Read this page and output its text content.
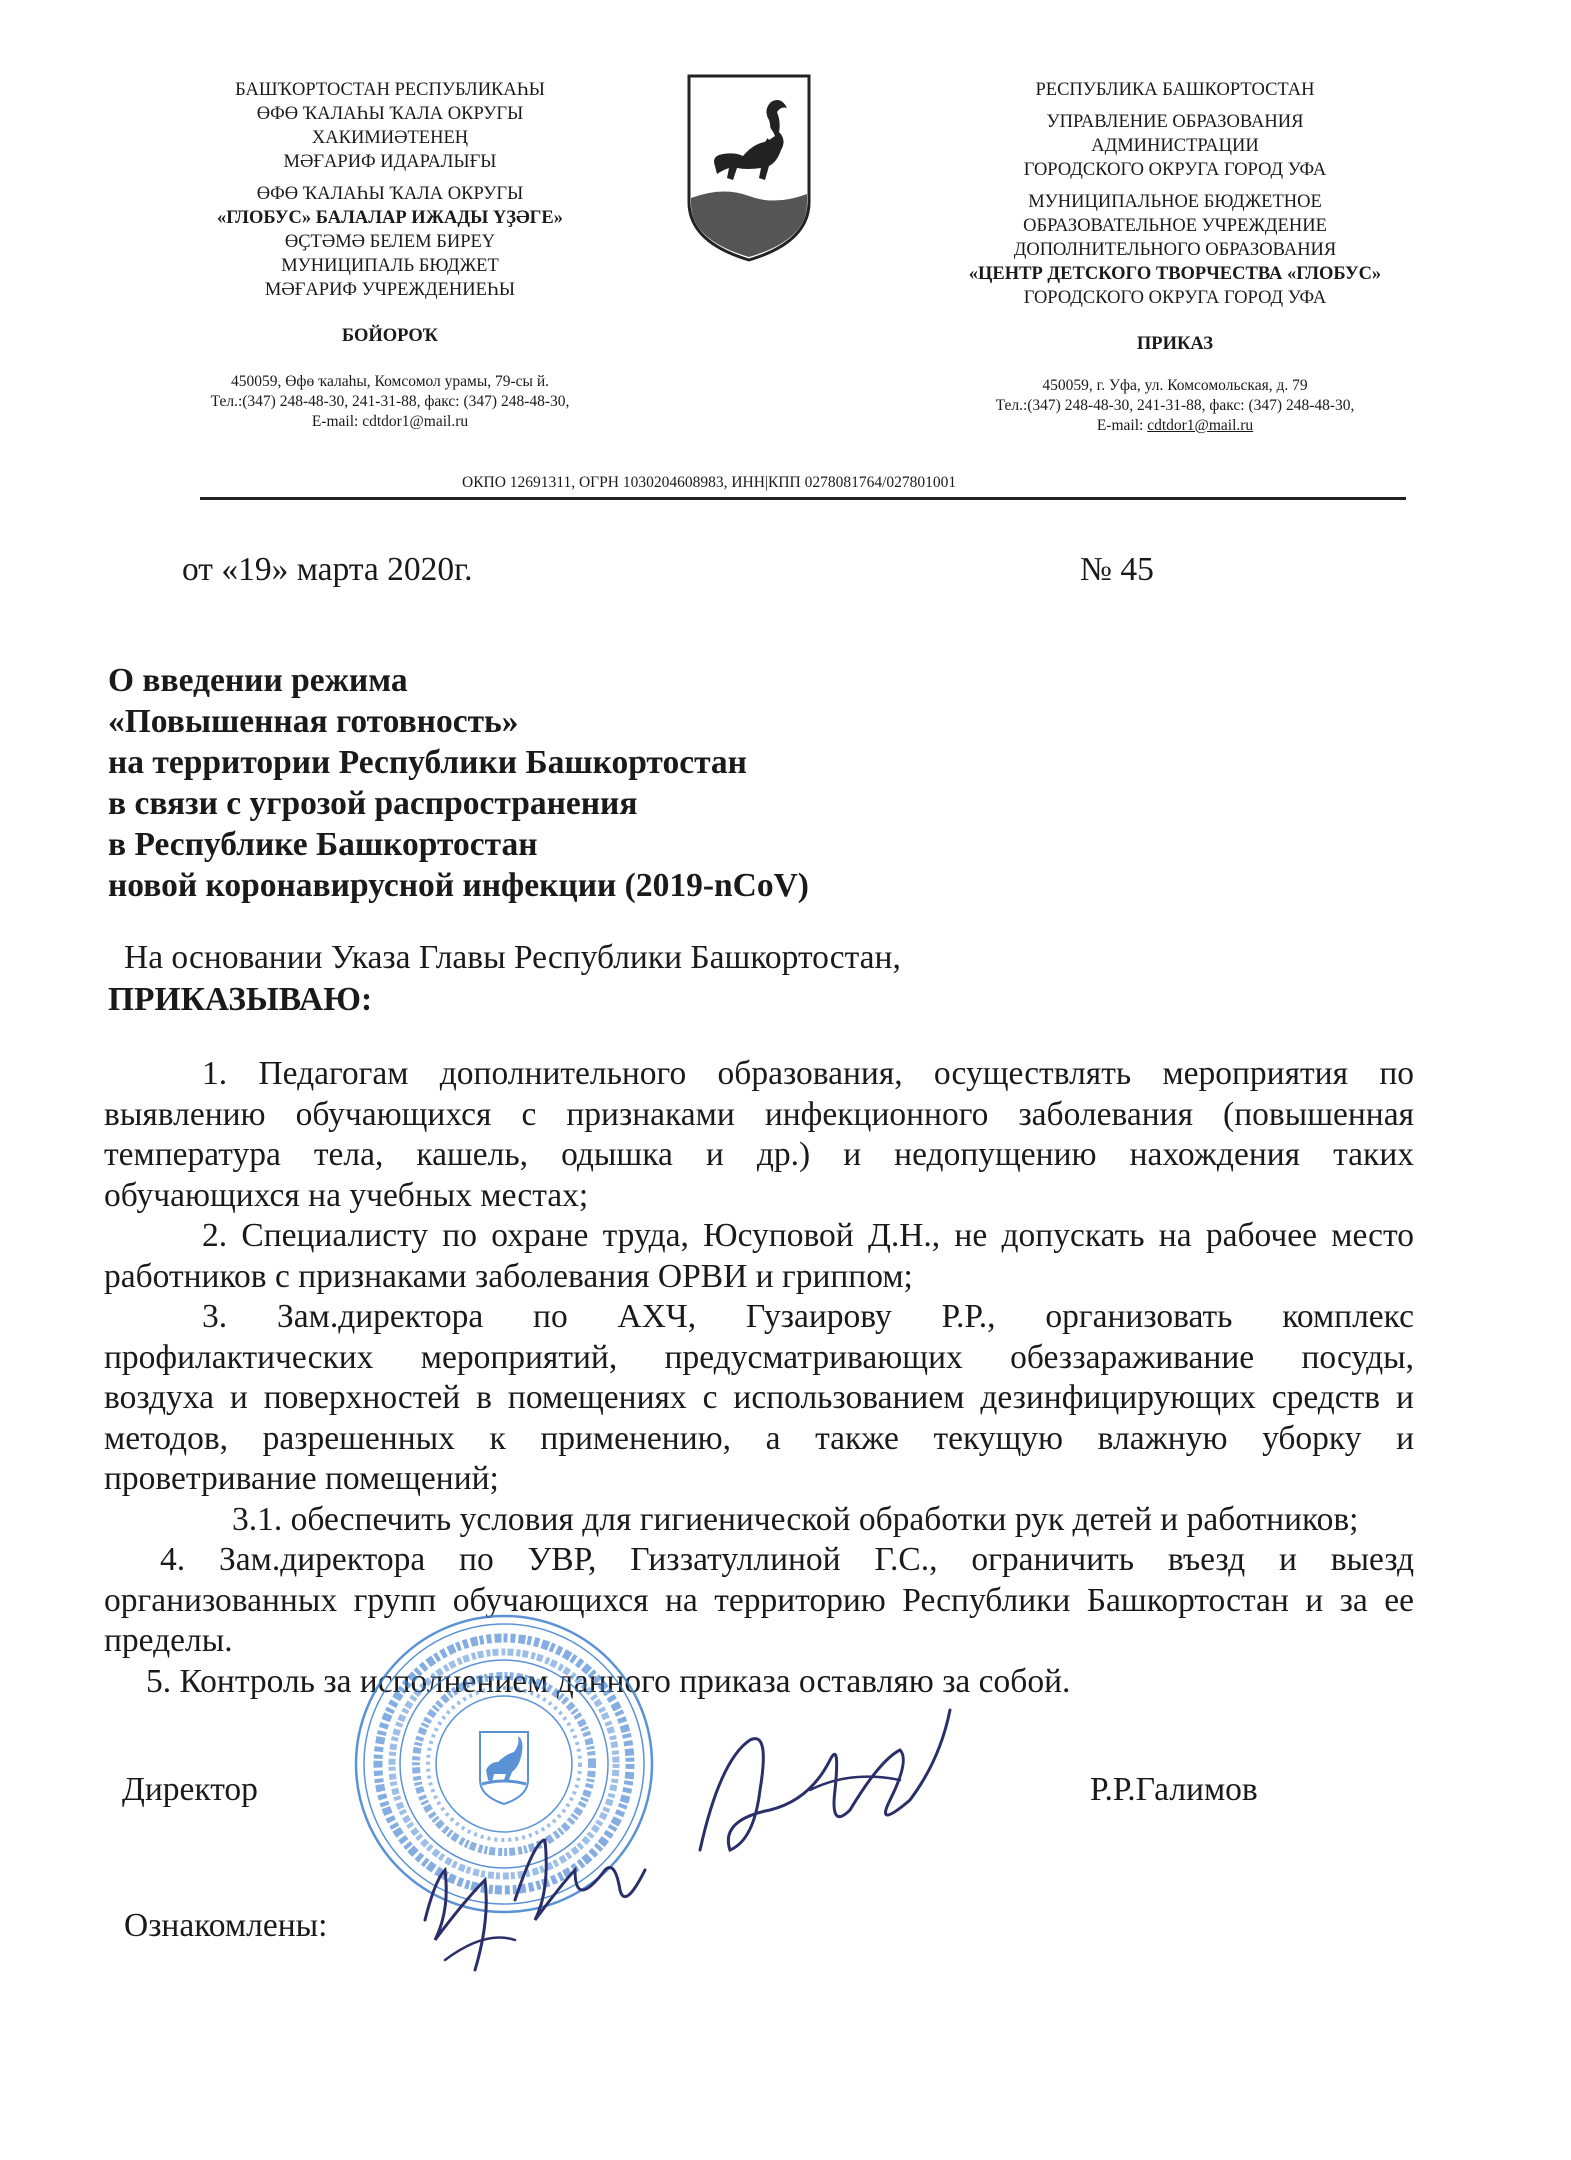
БАШҠОРТОСТАН РЕСПУБЛИКАҺЫ
ӨФӨ ҠАЛАҺЫ ҠАЛА ОКРУГЫ
ХАКИМИӘТЕНЕҢ
МӘҒАРИФ ИДАРАЛЫҒЫ
ӨФӨ ҠАЛАҺЫ ҠАЛА ОКРУГЫ
«ГЛОБУС» БАЛАЛАР ИЖАДЫ ҮҘӘГЕ»
ӨҪТӘМӘ БЕЛЕМ БИРЕҮ
МУНИЦИПАЛЬ БЮДЖЕТ
МӘҒАРИФ УЧРЕЖДЕНИЕҺЫ
БОЙОРОҠ
450059, Өфө ҡалаһы, Комсомол урамы, 79-сы й.
Тел.:(347) 248-48-30, 241-31-88, факс: (347) 248-48-30,
E-mail: cdtdor1@mail.ru
РЕСПУБЛИКА БАШКОРТОСТАН
УПРАВЛЕНИЕ ОБРАЗОВАНИЯ
АДМИНИСТРАЦИИ
ГОРОДСКОГО ОКРУГА ГОРОД УФА
МУНИЦИПАЛЬНОЕ БЮДЖЕТНОЕ
ОБРАЗОВАТЕЛЬНОЕ УЧРЕЖДЕНИЕ
ДОПОЛНИТЕЛЬНОГО ОБРАЗОВАНИЯ
«ЦЕНТР ДЕТСКОГО ТВОРЧЕСТВА «ГЛОБУС»
ГОРОДСКОГО ОКРУГА ГОРОД УФА
ПРИКАЗ
450059, г. Уфа, ул. Комсомольская, д. 79
Тел.:(347) 248-48-30, 241-31-88, факс: (347) 248-48-30,
E-mail: cdtdor1@mail.ru
ОКПО 12691311, ОГРН 1030204608983, ИНН|КПП 0278081764/027801001
от «19» марта 2020г.	№ 45
О введении режима
«Повышенная готовность»
на территории Республики Башкортостан
в связи с угрозой распространения
в Республике Башкортостан
новой коронавирусной инфекции (2019-nCoV)
На основании Указа Главы Республики Башкортостан,
ПРИКАЗЫВАЮ:
1. Педагогам дополнительного образования, осуществлять мероприятия по
выявлению обучающихся с признаками инфекционного заболевания (повышенная
температура тела, кашель, одышка и др.) и недопущению нахождения таких
обучающихся на учебных местах;
2. Специалисту по охране труда, Юсуповой Д.Н., не допускать на рабочее место
работников с признаками заболевания ОРВИ и гриппом;
3. Зам.директора по АХЧ, Гузаирову Р.Р., организовать комплекс
профилактических мероприятий, предусматривающих обеззараживание посуды,
воздуха и поверхностей в помещениях с использованием дезинфицирующих средств и
методов, разрешенных к применению, а также текущую влажную уборку и
проветривание помещений;
3.1. обеспечить условия для гигиенической обработки рук детей и работников;
4. Зам.директора по УВР, Гиззатуллиной Г.С., ограничить въезд и выезд
организованных групп обучающихся на территорию Республики Башкортостан и за ее
пределы.
5. Контроль за исполнением данного приказа оставляю за собой.
Директор	Р.Р.Галимов
Ознакомлены:
